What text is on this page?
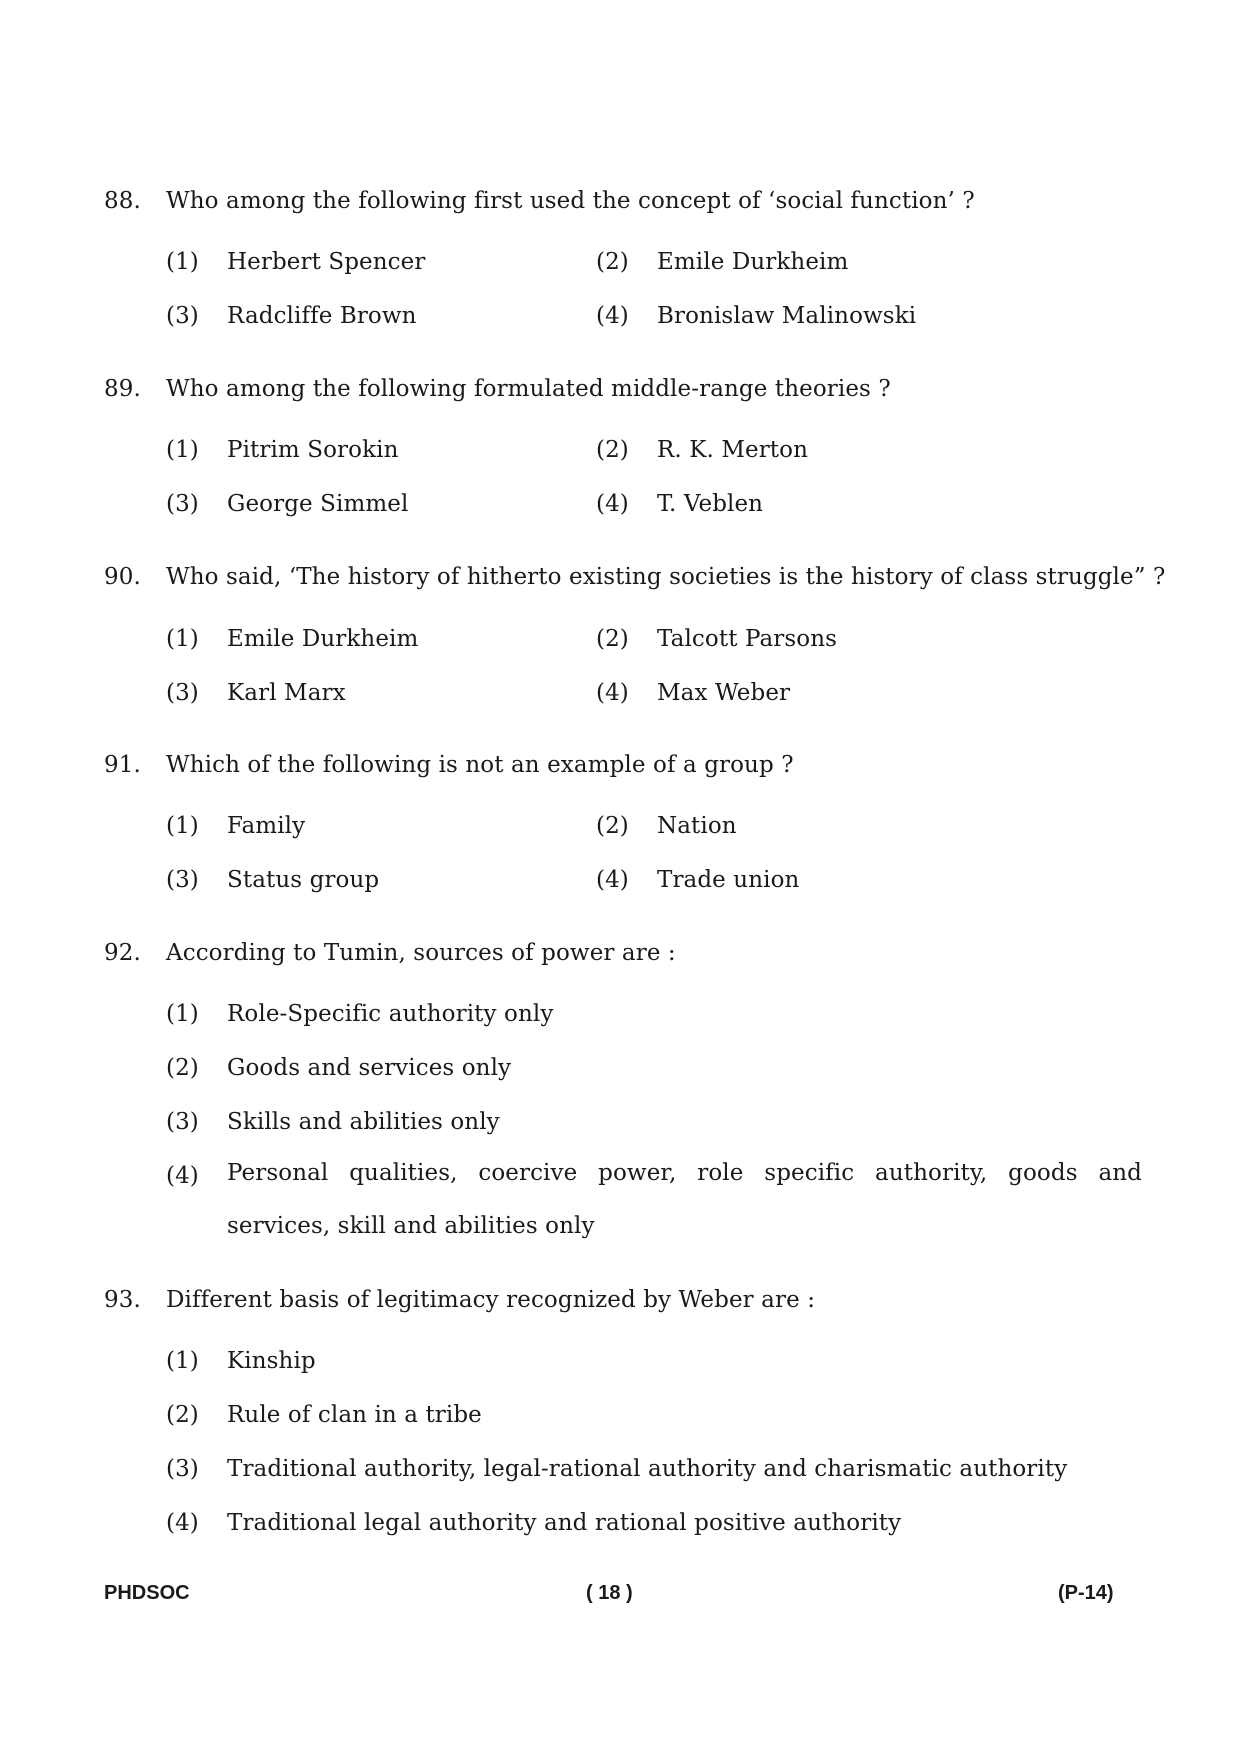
88. Who among the following first used the concept of ‘social function’ ?
(1) Herbert Spencer	(2) Emile Durkheim
(3) Radcliffe Brown	(4) Bronislaw Malinowski
89. Who among the following formulated middle-range theories ?
(1) Pitrim Sorokin	(2) R. K. Merton
(3) George Simmel	(4) T. Veblen
90. Who said, ‘The history of hitherto existing societies is the history of class struggle” ?
(1) Emile Durkheim	(2) Talcott Parsons
(3) Karl Marx	(4) Max Weber
91. Which of the following is not an example of a group ?
(1) Family	(2) Nation
(3) Status group	(4) Trade union
92. According to Tumin, sources of power are :
(1) Role-Specific authority only
(2) Goods and services only
(3) Skills and abilities only
(4) Personal qualities, coercive power, role specific authority, goods and services, skill and abilities only
93. Different basis of legitimacy recognized by Weber are :
(1) Kinship
(2) Rule of clan in a tribe
(3) Traditional authority, legal-rational authority and charismatic authority
(4) Traditional legal authority and rational positive authority
PHDSOC	( 18 )	(P-14)
